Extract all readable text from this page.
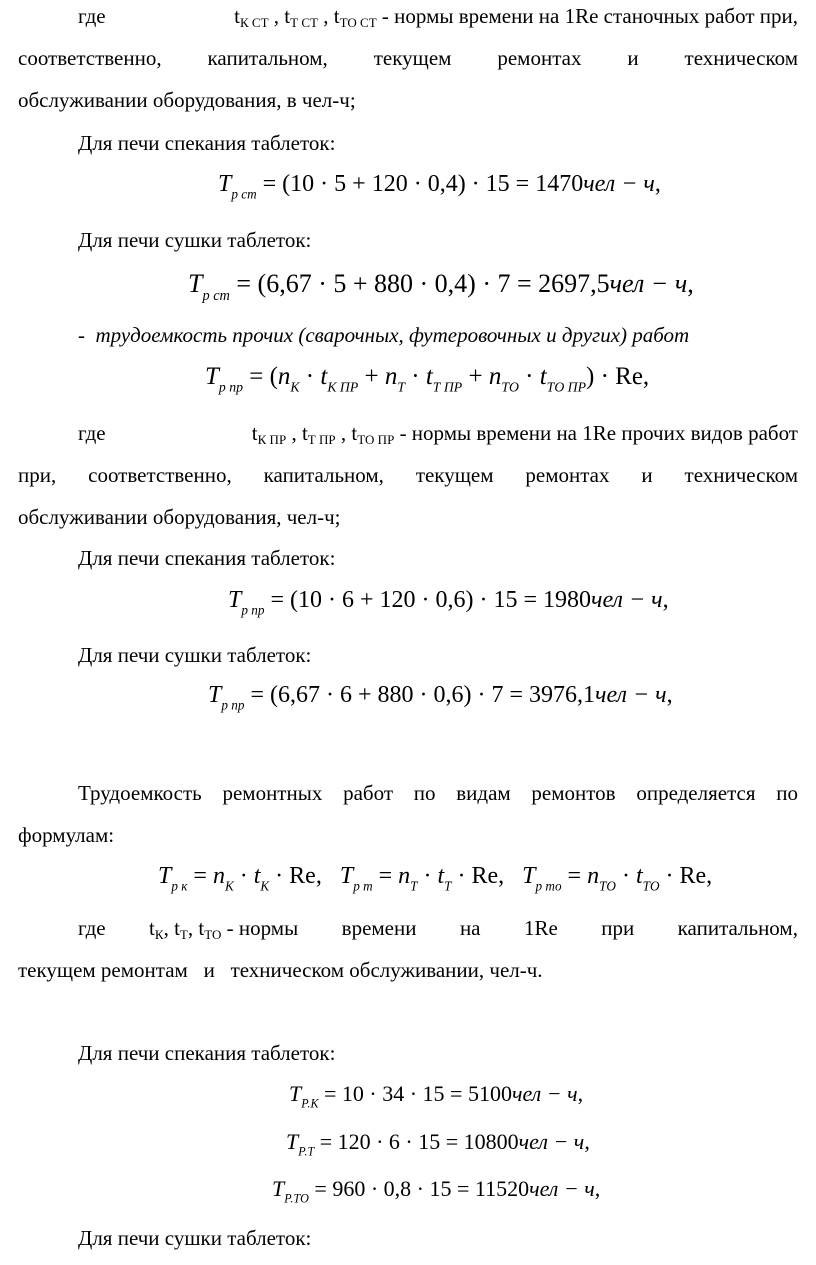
где	$t_{К СТ}$ , $t_{Т СТ}$ , $t_{ТО СТ}$ - нормы времени на 1Re станочных работ при,
соответственно, капитальном, текущем ремонтах и техническом
обслуживании оборудования, в чел-ч;
Для печи спекания таблеток:
$T_{р ст} = (10 \cdot 5 + 120 \cdot 0,4) \cdot 15 = 1470чел - ч$,
Для печи сушки таблеток:
$T_{р ст} = (6,67 \cdot 5 + 880 \cdot 0,4) \cdot 7 = 2697,5чел - ч$,
- трудоемкость прочих (сварочных, футеровочных и других) работ
$T_{р пр} = (n_К \cdot t_{К ПР} + n_Т \cdot t_{Т ПР} + n_{ТО} \cdot t_{ТО ПР}) \cdot Re$,
где	$t_{К ПР}$ , $t_{Т ПР}$ , $t_{ТО ПР}$ - нормы времени на 1Re прочих видов работ
при, соответственно, капитальном, текущем ремонтах и техническом
обслуживании оборудования, чел-ч;
Для печи спекания таблеток:
$T_{р пр} = (10 \cdot 6 + 120 \cdot 0,6) \cdot 15 = 1980чел - ч$,
Для печи сушки таблеток:
$T_{р пр} = (6,67 \cdot 6 + 880 \cdot 0,6) \cdot 7 = 3976,1чел - ч$,
Трудоемкость ремонтных работ по видам ремонтов определяется по
формулам:
$T_{р к} = n_К \cdot t_К \cdot Re$, $T_{р т} = n_Т \cdot t_Т \cdot Re$, $T_{р то} = n_{ТО} \cdot t_{ТО} \cdot Re$,
где $t_К$, $t_Т$, $t_{ТО}$ - нормы времени на 1Re при капитальном,
текущем ремонтам   и   техническом обслуживании, чел-ч.
Для печи спекания таблеток:
$T_{Р.К} = 10 \cdot 34 \cdot 15 = 5100чел - ч$,
$T_{Р.Т} = 120 \cdot 6 \cdot 15 = 10800чел - ч$,
$T_{Р.ТО} = 960 \cdot 0,8 \cdot 15 = 11520чел - ч$,
Для печи сушки таблеток:
